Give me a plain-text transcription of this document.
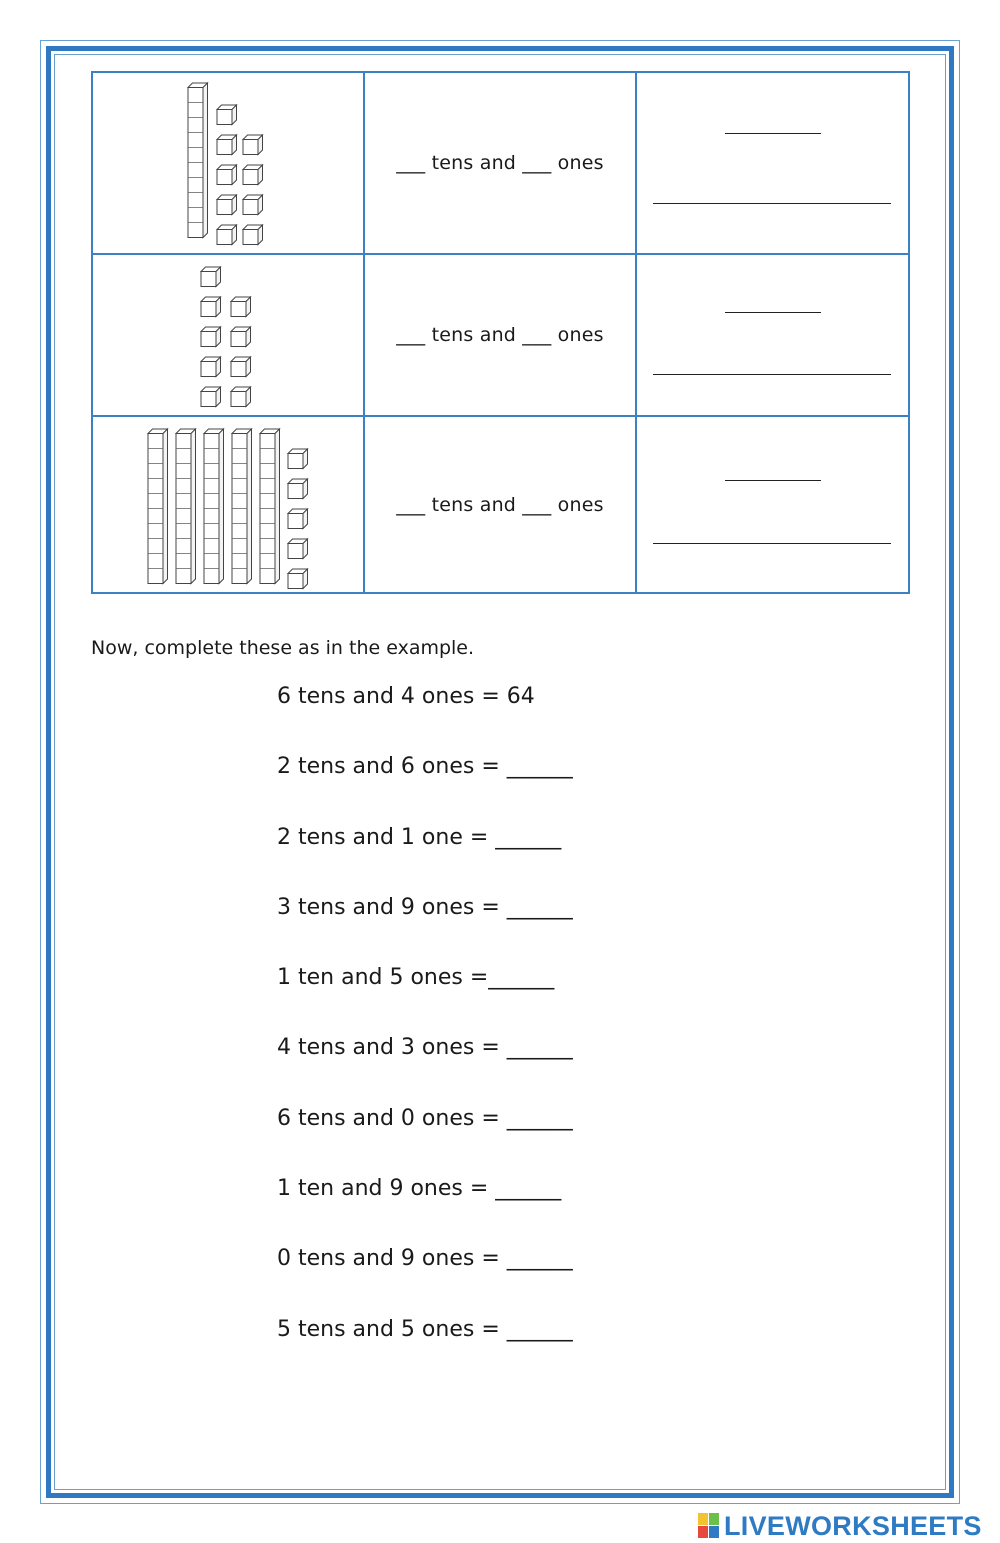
	___ tens and ___ ones	

	___ tens and ___ ones	

	___ tens and ___ ones	
Now, complete these as in the example.
6 tens and 4 ones = 64
2 tens and 6 ones = ______
2 tens and 1 one = ______
3 tens and 9 ones = ______
1 ten and 5 ones =______
4 tens and 3 ones = ______
6 tens and 0 ones = ______
1 ten and 9 ones = ______
0 tens and 9 ones = ______
5 tens and 5 ones = ______
LIVEWORKSHEETS
